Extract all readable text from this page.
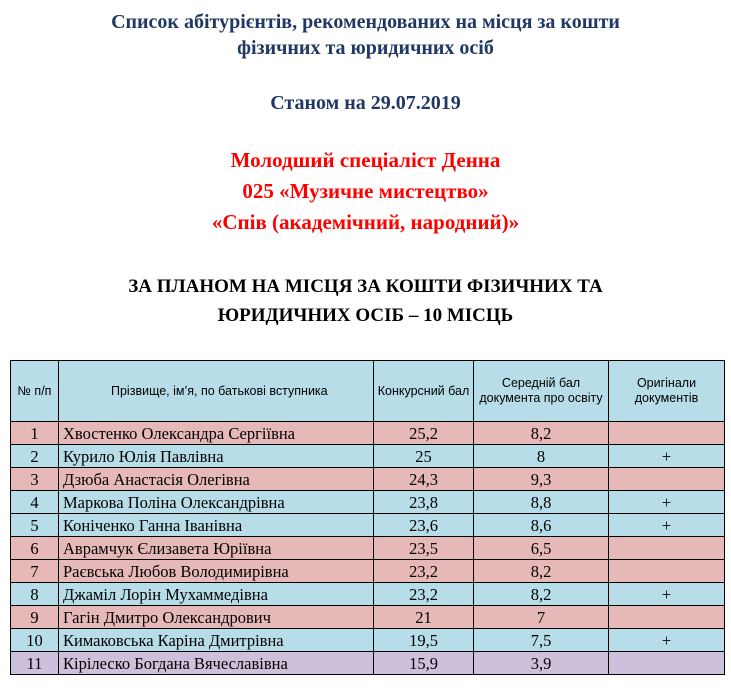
Список абітурієнтів, рекомендованих на місця за кошти
фізичних та юридичних осіб
Станом на 29.07.2019
Молодший спеціаліст Денна
025 «Музичне мистецтво»
«Спів (академічний, народний)»
ЗА ПЛАНОМ НА МІСЦЯ ЗА КОШТИ ФІЗИЧНИХ ТА
ЮРИДИЧНИХ ОСІБ – 10 МІСЦЬ
№ п/п	Прізвище, ім’я, по батькові вступника	Конкурсний бал	Середній бал документа про освіту	Оригінали документів
1	Хвостенко Олександра Сергіївна	25,2	8,2	
2	Курило Юлія Павлівна	25	8	+
3	Дзюба Анастасія Олегівна	24,3	9,3	
4	Маркова Поліна Олександрівна	23,8	8,8	+
5	Коніченко Ганна Іванівна	23,6	8,6	+
6	Аврамчук Єлизавета Юріївна	23,5	6,5	
7	Раєвська Любов Володимирівна	23,2	8,2	
8	Джаміл Лорін Мухаммедівна	23,2	8,2	+
9	Гагін Дмитро Олександрович	21	7	
10	Кимаковська Каріна Дмитрівна	19,5	7,5	+
11	Кірілеско Богдана Вячеславівна	15,9	3,9	
